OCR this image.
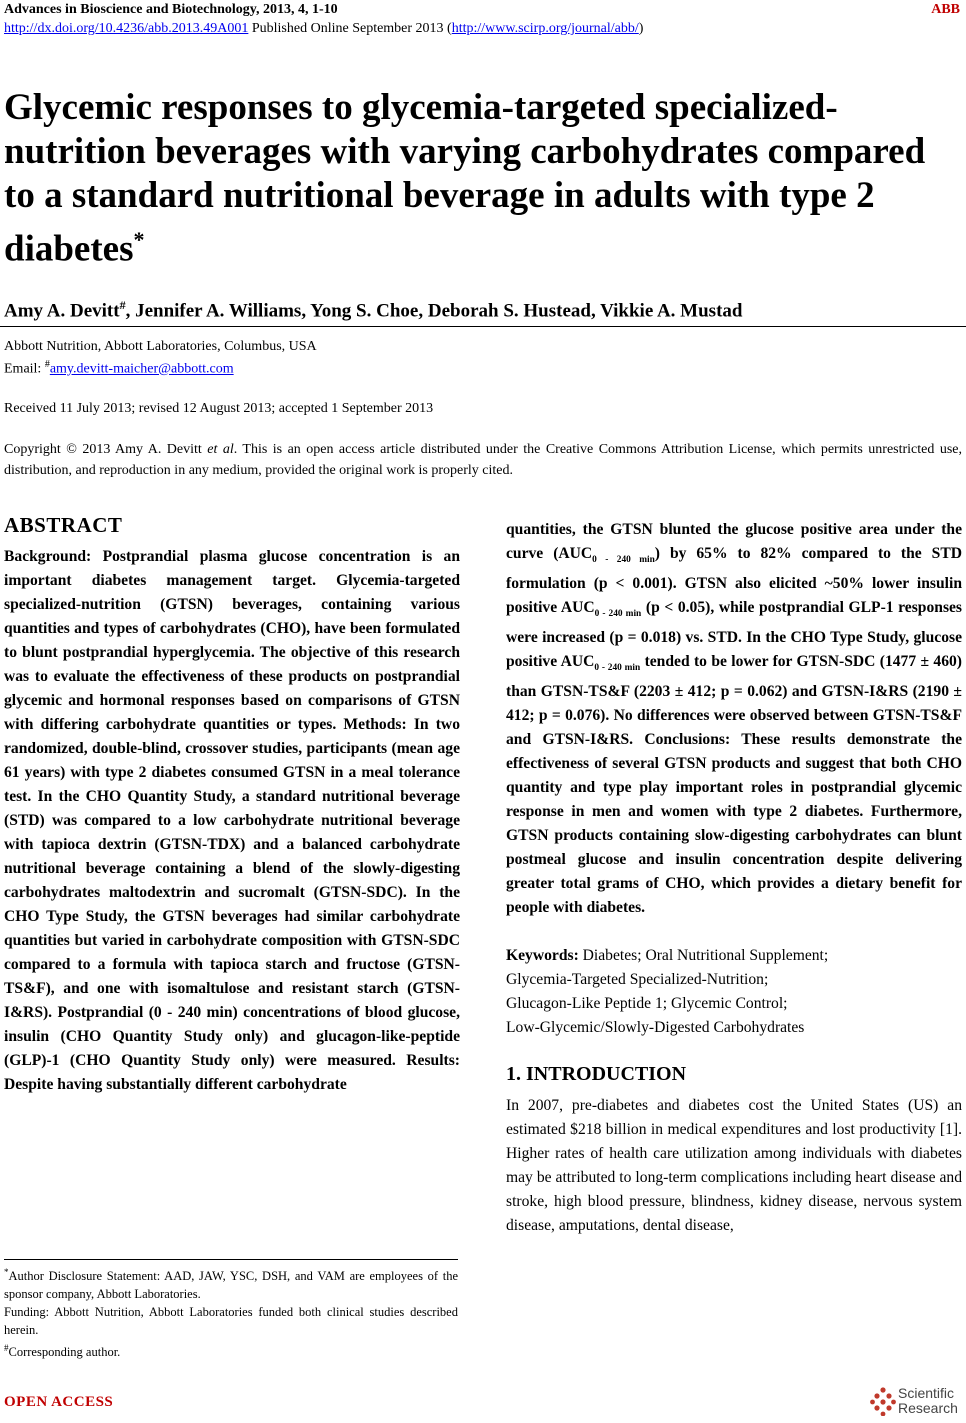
Advances in Bioscience and Biotechnology, 2013, 4, 1-10	ABB
http://dx.doi.org/10.4236/abb.2013.49A001 Published Online September 2013 (http://www.scirp.org/journal/abb/)
Glycemic responses to glycemia-targeted specialized-nutrition beverages with varying carbohydrates compared to a standard nutritional beverage in adults with type 2 diabetes*
Amy A. Devitt#, Jennifer A. Williams, Yong S. Choe, Deborah S. Hustead, Vikkie A. Mustad
Abbott Nutrition, Abbott Laboratories, Columbus, USA
Email: #amy.devitt-maicher@abbott.com
Received 11 July 2013; revised 12 August 2013; accepted 1 September 2013
Copyright © 2013 Amy A. Devitt et al. This is an open access article distributed under the Creative Commons Attribution License, which permits unrestricted use, distribution, and reproduction in any medium, provided the original work is properly cited.
ABSTRACT
Background: Postprandial plasma glucose concentration is an important diabetes management target. Glycemia-targeted specialized-nutrition (GTSN) beverages, containing various quantities and types of carbohydrates (CHO), have been formulated to blunt postprandial hyperglycemia. The objective of this research was to evaluate the effectiveness of these products on postprandial glycemic and hormonal responses based on comparisons of GTSN with differing carbohydrate quantities or types. Methods: In two randomized, double-blind, crossover studies, participants (mean age 61 years) with type 2 diabetes consumed GTSN in a meal tolerance test. In the CHO Quantity Study, a standard nutritional beverage (STD) was compared to a low carbohydrate nutritional beverage with tapioca dextrin (GTSN-TDX) and a balanced carbohydrate nutritional beverage containing a blend of the slowly-digesting carbohydrates maltodextrin and sucromalt (GTSN-SDC). In the CHO Type Study, the GTSN beverages had similar carbohydrate quantities but varied in carbohydrate composition with GTSN-SDC compared to a formula with tapioca starch and fructose (GTSN-TS&F), and one with isomaltulose and resistant starch (GTSN-I&RS). Postprandial (0 - 240 min) concentrations of blood glucose, insulin (CHO Quantity Study only) and glucagon-like-peptide (GLP)-1 (CHO Quantity Study only) were measured. Results: Despite having substantially different carbohydrate
quantities, the GTSN blunted the glucose positive area under the curve $(AUC_{0 - 240 min})$ by 65% to 82% compared to the STD formulation (p < 0.001). GTSN also elicited ~50% lower insulin positive $AUC_{0 - 240 min}$ (p < 0.05), while postprandial GLP-1 responses were increased (p = 0.018) vs. STD. In the CHO Type Study, glucose positive $AUC_{0 - 240 min}$ tended to be lower for GTSN-SDC (1477 ± 460) than GTSN-TS&F (2203 ± 412; p = 0.062) and GTSN-I&RS (2190 ± 412; p = 0.076). No differences were observed between GTSN-TS&F and GTSN-I&RS. Conclusions: These results demonstrate the effectiveness of several GTSN products and suggest that both CHO quantity and type play important roles in postprandial glycemic response in men and women with type 2 diabetes. Furthermore, GTSN products containing slow-digesting carbohydrates can blunt postmeal glucose and insulin concentration despite delivering greater total grams of CHO, which provides a dietary benefit for people with diabetes.
Keywords: Diabetes; Oral Nutritional Supplement;
Glycemia-Targeted Specialized-Nutrition;
Glucagon-Like Peptide 1; Glycemic Control;
Low-Glycemic/Slowly-Digested Carbohydrates
1. INTRODUCTION
In 2007, pre-diabetes and diabetes cost the United States (US) an estimated $218 billion in medical expenditures and lost productivity [1]. Higher rates of health care utilization among individuals with diabetes may be attributed to long-term complications including heart disease and stroke, high blood pressure, blindness, kidney disease, nervous system disease, amputations, dental disease,
*Author Disclosure Statement: AAD, JAW, YSC, DSH, and VAM are employees of the sponsor company, Abbott Laboratories.
Funding: Abbott Nutrition, Abbott Laboratories funded both clinical studies described herein.
#Corresponding author.
OPEN ACCESS
Scientific
Research
